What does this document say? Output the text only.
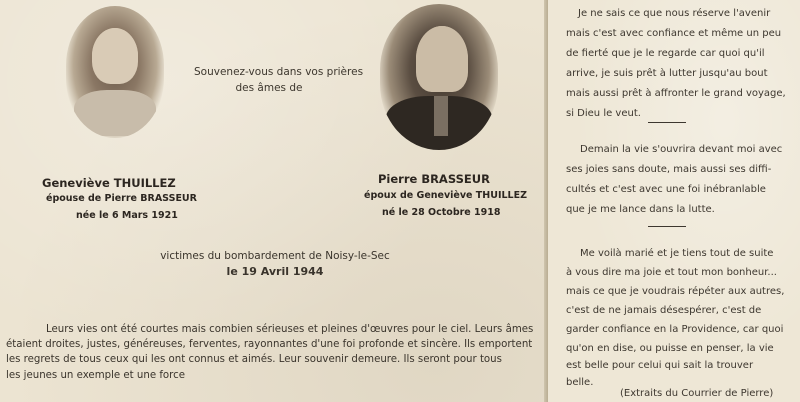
Souvenez-vous dans vos prières
des âmes de
Geneviève THUILLEZ
épouse de Pierre BRASSEUR
née le 6 Mars 1921
Pierre BRASSEUR
époux de Geneviève THUILLEZ
né le 28 Octobre 1918
victimes du bombardement de Noisy-le-Sec
le 19 Avril 1944
Leurs vies ont été courtes mais combien sérieuses et pleines d'œuvres pour le ciel. Leurs âmes
étaient droites, justes, généreuses, ferventes, rayonnantes d'une foi profonde et sincère. Ils emportent
les regrets de tous ceux qui les ont connus et aimés. Leur souvenir demeure. Ils seront pour tous
les jeunes un exemple et une force
Je ne sais ce que nous réserve l'avenir
mais c'est avec confiance et même un peu
de fierté que je le regarde car quoi qu'il
arrive, je suis prêt à lutter jusqu'au bout
mais aussi prêt à affronter le grand voyage,
si Dieu le veut.
Demain la vie s'ouvrira devant moi avec
ses joies sans doute, mais aussi ses diffi-
cultés et c'est avec une foi inébranlable
que je me lance dans la lutte.
Me voilà marié et je tiens tout de suite
à vous dire ma joie et tout mon bonheur...
mais ce que je voudrais répéter aux autres,
c'est de ne jamais désespérer, c'est de
garder confiance en la Providence, car quoi
qu'on en dise, ou puisse en penser, la vie
est belle pour celui qui sait la trouver
belle.
(Extraits du Courrier de Pierre)
